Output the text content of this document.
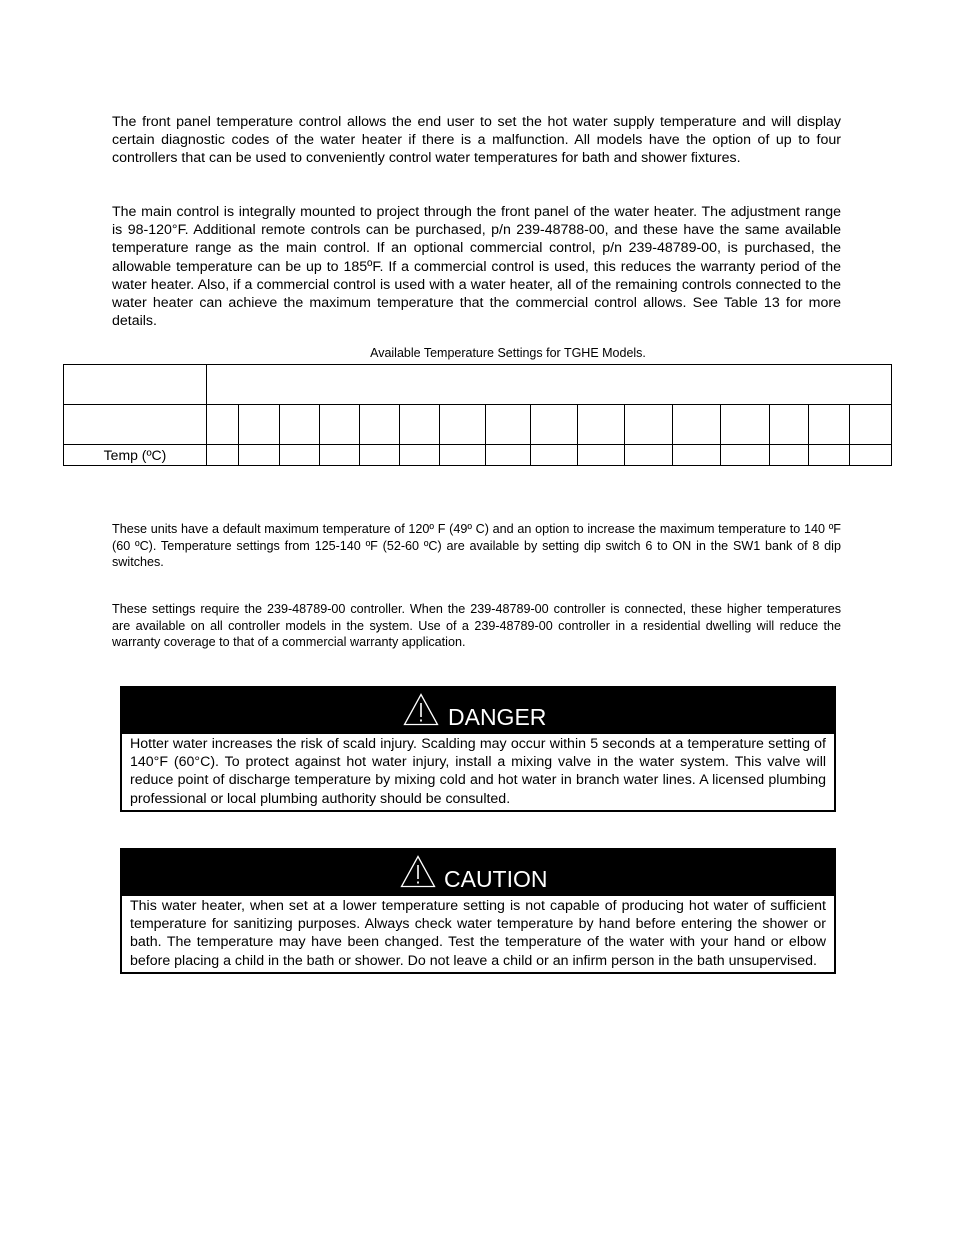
The front panel temperature control allows the end user to set the hot water supply temperature and will display certain diagnostic codes of the water heater if there is a malfunction. All models have the option of up to four controllers that can be used to conveniently control water temperatures for bath and shower fixtures.

The main control is integrally mounted to project through the front panel of the water heater. The adjustment range is 98-120°F. Additional remote controls can be purchased, p/n 239-48788-00, and these have the same available temperature range as the main control. If an optional commercial control, p/n 239-48789-00, is purchased, the allowable temperature can be up to 185ºF. If a commercial control is used, this reduces the warranty period of the water heater. Also, if a commercial control is used with a water heater, all of the remaining controls connected to the water heater can achieve the maximum temperature that the commercial control allows. See Table 13 for more details.

Available Temperature Settings for TGHE Models.

Temp (ºC)																

These units have a default maximum temperature of 120º F (49º C) and an option to increase the maximum temperature to 140 ºF (60 ºC). Temperature settings from 125-140 ºF (52-60 ºC) are available by setting dip switch 6 to ON in the SW1 bank of 8 dip switches.

These settings require the 239-48789-00 controller. When the 239-48789-00 controller is connected, these higher temperatures are available on all controller models in the system. Use of a 239-48789-00 controller in a residential dwelling will reduce the warranty coverage to that of a commercial warranty application.

DANGER
Hotter water increases the risk of scald injury. Scalding may occur within 5 seconds at a temperature setting of 140°F (60°C). To protect against hot water injury, install a mixing valve in the water system. This valve will reduce point of discharge temperature by mixing cold and hot water in branch water lines. A licensed plumbing professional or local plumbing authority should be consulted.
CAUTION
This water heater, when set at a lower temperature setting is not capable of producing hot water of sufficient temperature for sanitizing purposes. Always check water temperature by hand before entering the shower or bath. The temperature may have been changed. Test the temperature of the water with your hand or elbow before placing a child in the bath or shower. Do not leave a child or an infirm person in the bath unsupervised.
